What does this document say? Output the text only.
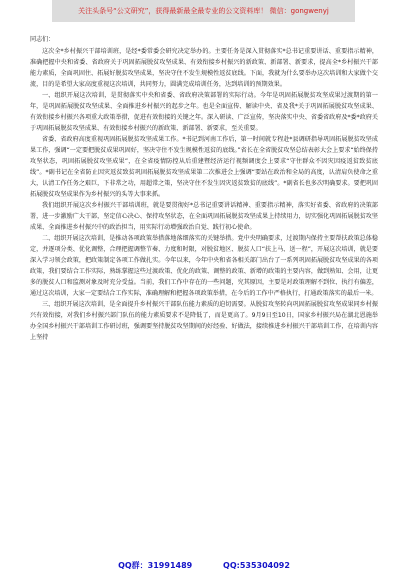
关注头条号“公文研究”，获得最新最全最专业的公文资料库！ 微信：gongwenyj

同志们：

这次全*乡村振兴干部培训班，是经*委常委会研究决定举办的。主要任务是深入贯彻落实*总书记重要讲话、重要指示精神，准确把握中央和省委、省政府关于巩固拓展脱贫攻坚成果、有效衔接乡村振兴的新政策、新部署、新要求，提高全*乡村振兴干部能力素质，全面巩固住、拓展好脱贫攻坚成果，坚决守住不发生规模性返贫底线。下面，我就为什么要举办这次培训和大家做个交流，目的是希望大家高度重视这次培训，共同努力，圆满完成培训任务，达到培训的预期效果。

一、组织开展这次培训，是贯彻落实中央和省委、省政府决策部署的实际行动。今年是巩固拓展脱贫攻坚成果过渡期的第一年，是巩固拓展脱贫攻坚成果、全面推进乡村振兴的起步之年。也是全面宣传、解读中央、省及我*关于巩固拓展脱贫攻坚成果、有效衔接乡村振兴各项重大政策举措，促进有效衔接的关键之年。深入研读、广泛宣传，坚决落实中央、省委省政府及*委*政府关于巩固拓展脱贫攻坚成果、有效衔接乡村振兴的新政策、新部署、新要求，至关重要。

省委、省政府高度重视巩固拓展脱贫攻坚成果工作。*书记到河南工作后，第一时间就专程赴*县调研指导巩固拓展脱贫攻坚成果工作，强调“一定要把脱贫成果巩固好，坚决守住不发生规模性返贫的底线。”省长在全省脱贫攻坚总结表彰大会上要求“始终保持攻坚状态，巩固拓展脱贫攻坚成果”，在全省疫情防控从后重建暨经济运行视频调度会上要求“守住群众不因灾因疫返贫致贫底线”。*副书记在全省防止因灾返贫致贫巩固拓展脱贫攻坚成果第二次推进会上强调“要站在政治和全局的高度，认清肩负使命之重大，认清工作任务之艰巨，下非常之功，用超常之策，坚决守住不发生因灾返贫致贫的底线”。*副省长也多次明确要求。要把巩固拓展脱贫攻坚成果作为乡村振兴的头等大事来抓。

我们组织开展这次乡村振兴干部培训班，就是要贯彻好*总书记重要讲话精神、重要指示精神，落实好省委、省政府的决策部署，进一步激励广大干部，坚定信心决心、保持攻坚状态，在全面巩固拓展脱贫攻坚成果上持续用力，切实强化巩固拓展脱贫攻坚成果、全面推进乡村振兴中的政治担当，用实际行动增强政治自觉、践行初心使命。

二、组织开展这次培训，是推动各项政策举措落地落细落实的关键举措。党中央明确要求，过渡期内保持主要帮扶政策总体稳定，并逐项分类、优化调整，合理把握调整节奏、力度和时限，对脱贫地区、脱贫人口“扶上马、送一程”，开展这次培训，就是要深入学习领会政策，把政策制定各项工作做扎实。今年以来，今年中央和省各相关部门出台了一系列巩固拓展脱贫攻坚成果的各项政策，我们要结合工作实际，熟练掌握这些过渡政策、优化的政策、调整的政策、新增的政策的主要内容，做到熟知、会用，让更多的脱贫人口和监测对象及时充分受益。当前，我们工作中存在的一些问题，究其原因，主要是对政策理解不到位、执行有偏差，通过这次培训，大家一定要结合工作实际，准确理解和把握各项政策举措，在今后的工作中严格执行，打通政策落实的最后一米。

三、组织开展这次培训，是全面提升乡村振兴干部队伍能力素质的迫切需要。从脱贫攻坚转向巩固拓展脱贫攻坚成果同乡村振兴有效衔接，对我们乡村振兴部门队伍的能力素质要求不是降低了，而是更高了。9月9日至10日，国家乡村振兴局在湖北恩施举办全国乡村振兴干部培训工作研讨班，强调要坚持脱贫攻坚期间的好经验、好做法，接续推进乡村振兴干部培训工作，在培训内容上坚持

QQ群：31991489	QQ:535304092
